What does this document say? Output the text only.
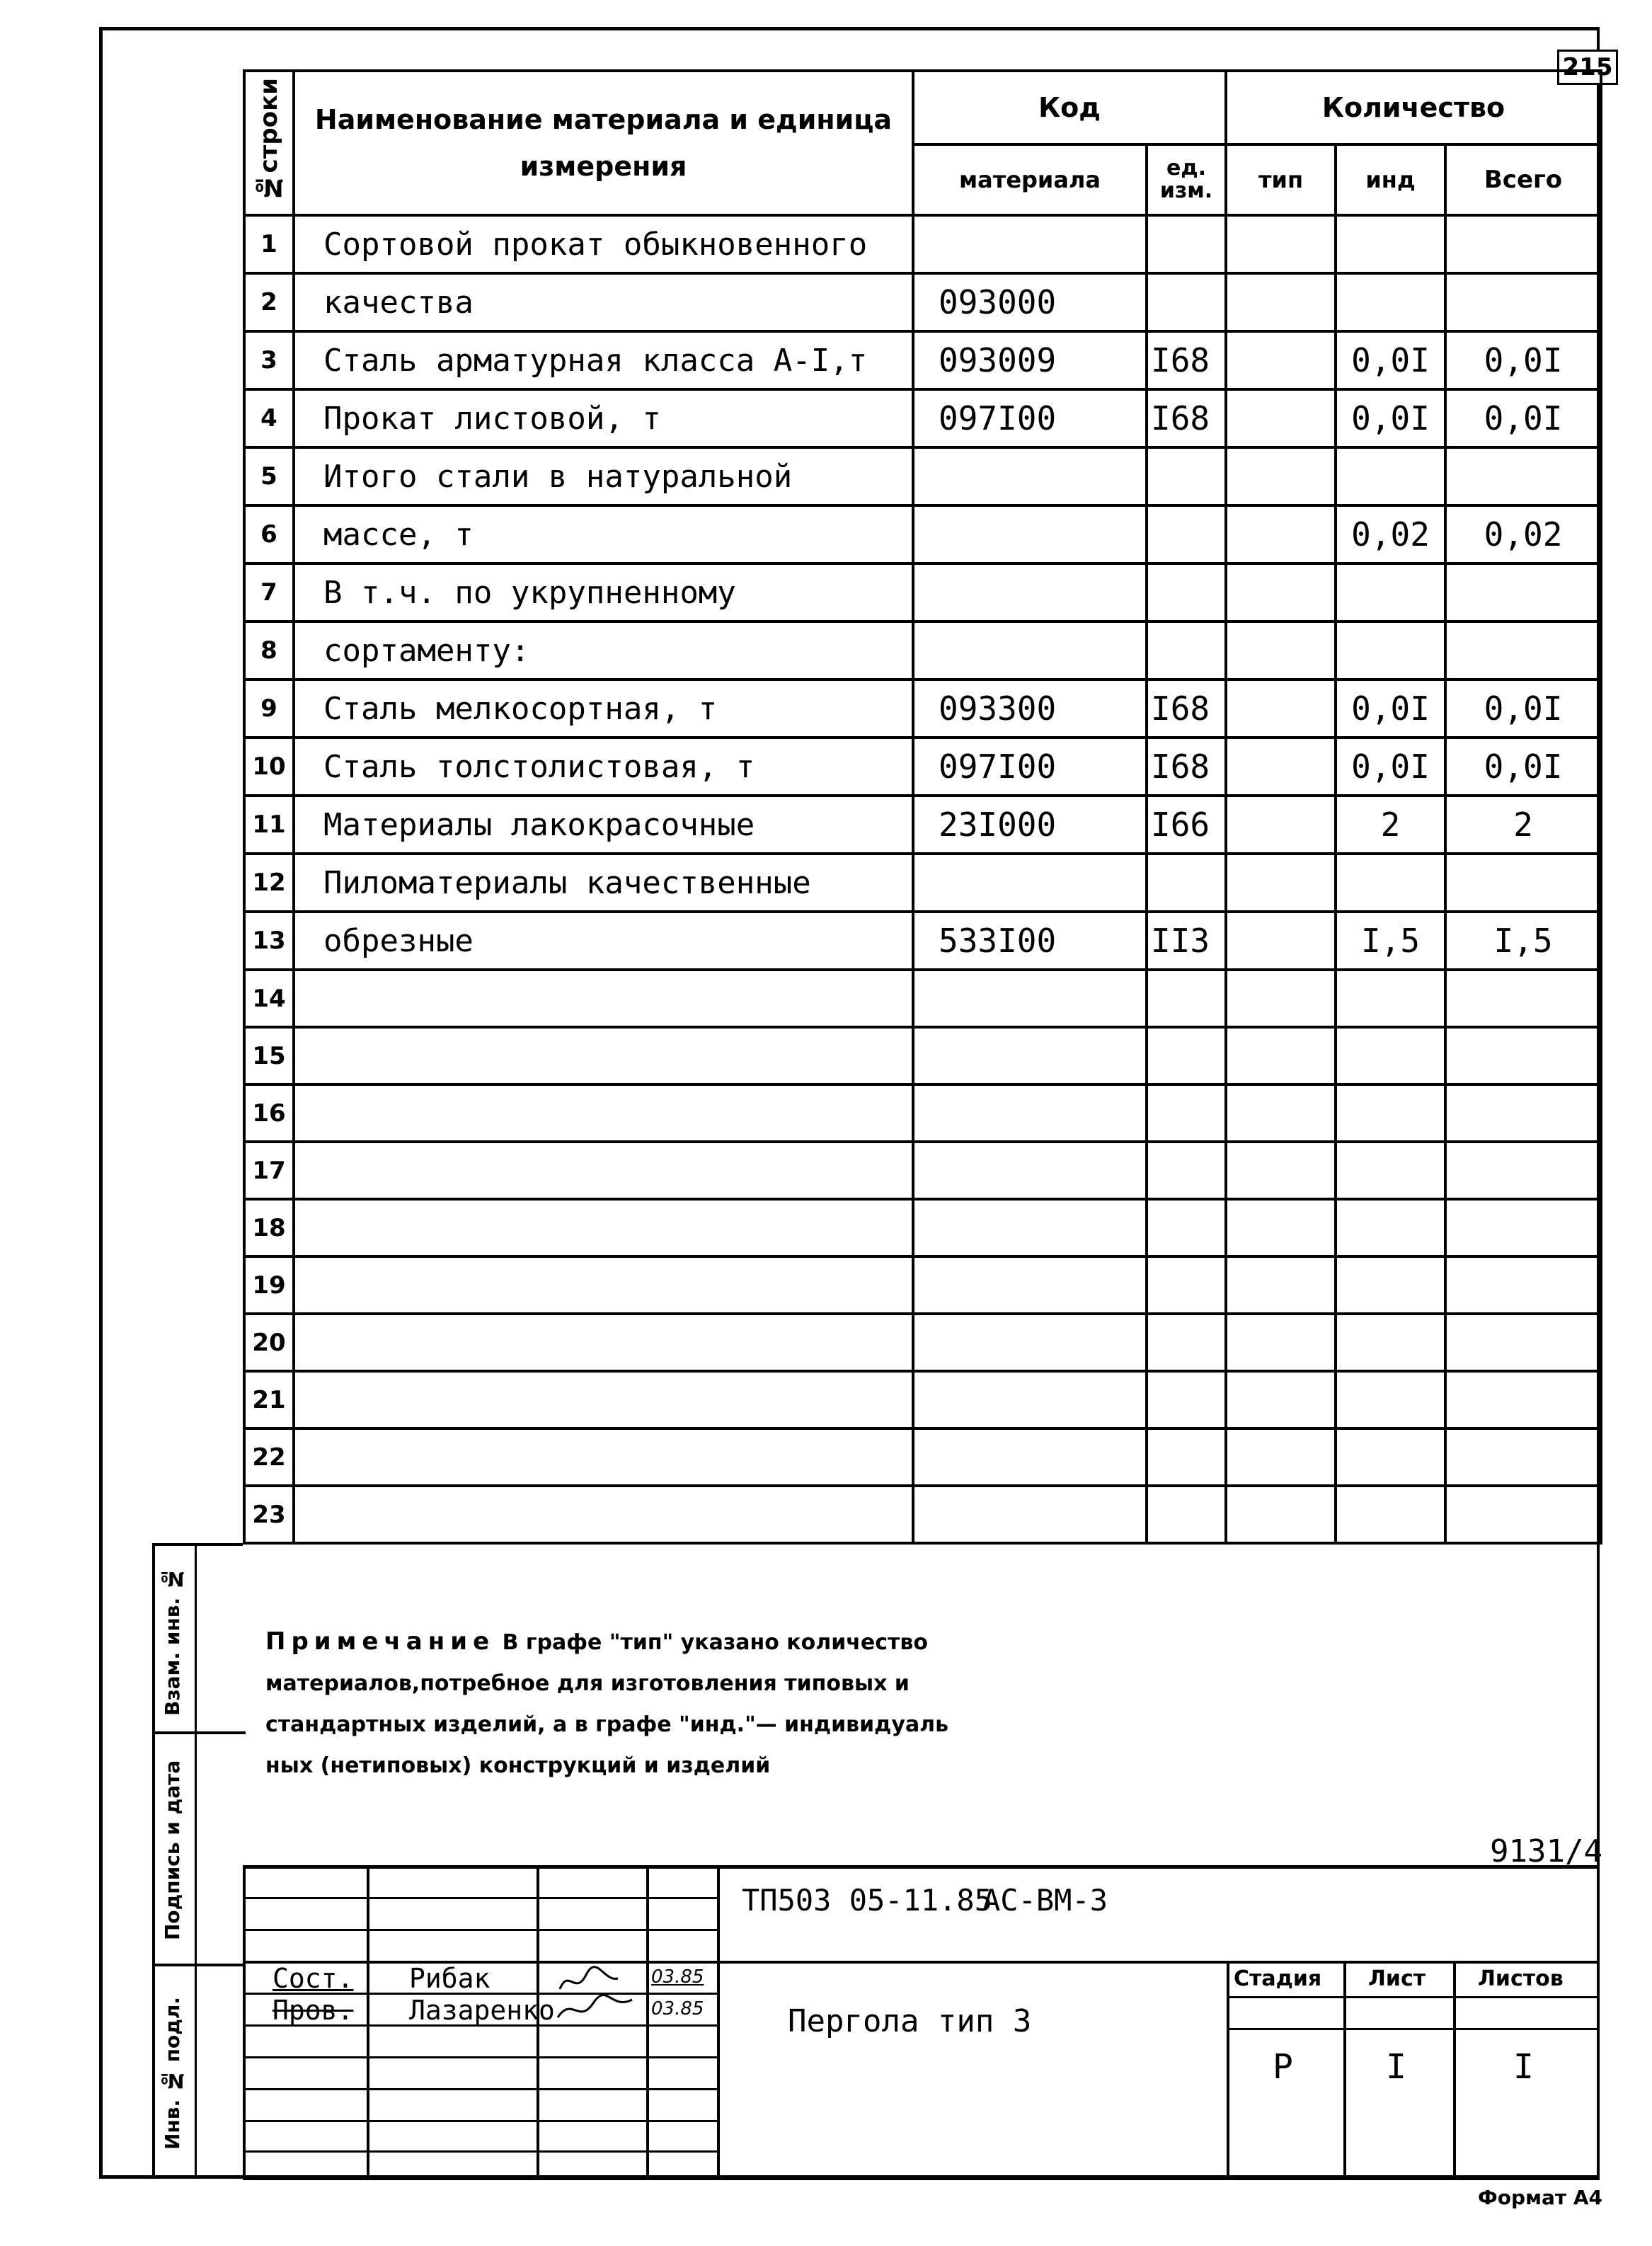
215
№строки	Наименование материала и единица измерения	Код		Количество		
		материала	ед. изм.	тип	инд	Всего
1	Сортовой прокат обыкновенного					
2	качества	093000				
3	Сталь арматурная класса А-I,т	093009	I68		0,0I	0,0I
4	Прокат листовой, т	097I00	I68		0,0I	0,0I
5	Итого стали в натуральной					
6	массе, т				0,02	0,02
7	В т.ч. по укрупненному					
8	сортаменту:					
9	Сталь мелкосортная, т	093300	I68		0,0I	0,0I
10	Сталь толстолистовая, т	097I00	I68		0,0I	0,0I
11	Материалы лакокрасочные	23I000	I66		2	2
12	Пиломатериалы качественные					
13	обрезные	533I00	II3		I,5	I,5
14						
15						
16						
17						
18						
19						
20						
21						
22						
23						
Примечание В графе "тип" указано количество
материалов,потребное для изготовления типовых и
стандартных изделий, а в графе "инд."— индивидуаль
ных (нетиповых) конструкций и изделий
9131/4
ТП503 05-11.85
АС-ВМ-3
Пергола тип 3
Сост. Рибак	03.85
Пров. Лазаренко	03.85
Стадия Лист Листов
Р	I	I
Взам. инв. №
Подпись и дата
Инв. № подл.
Формат А4
